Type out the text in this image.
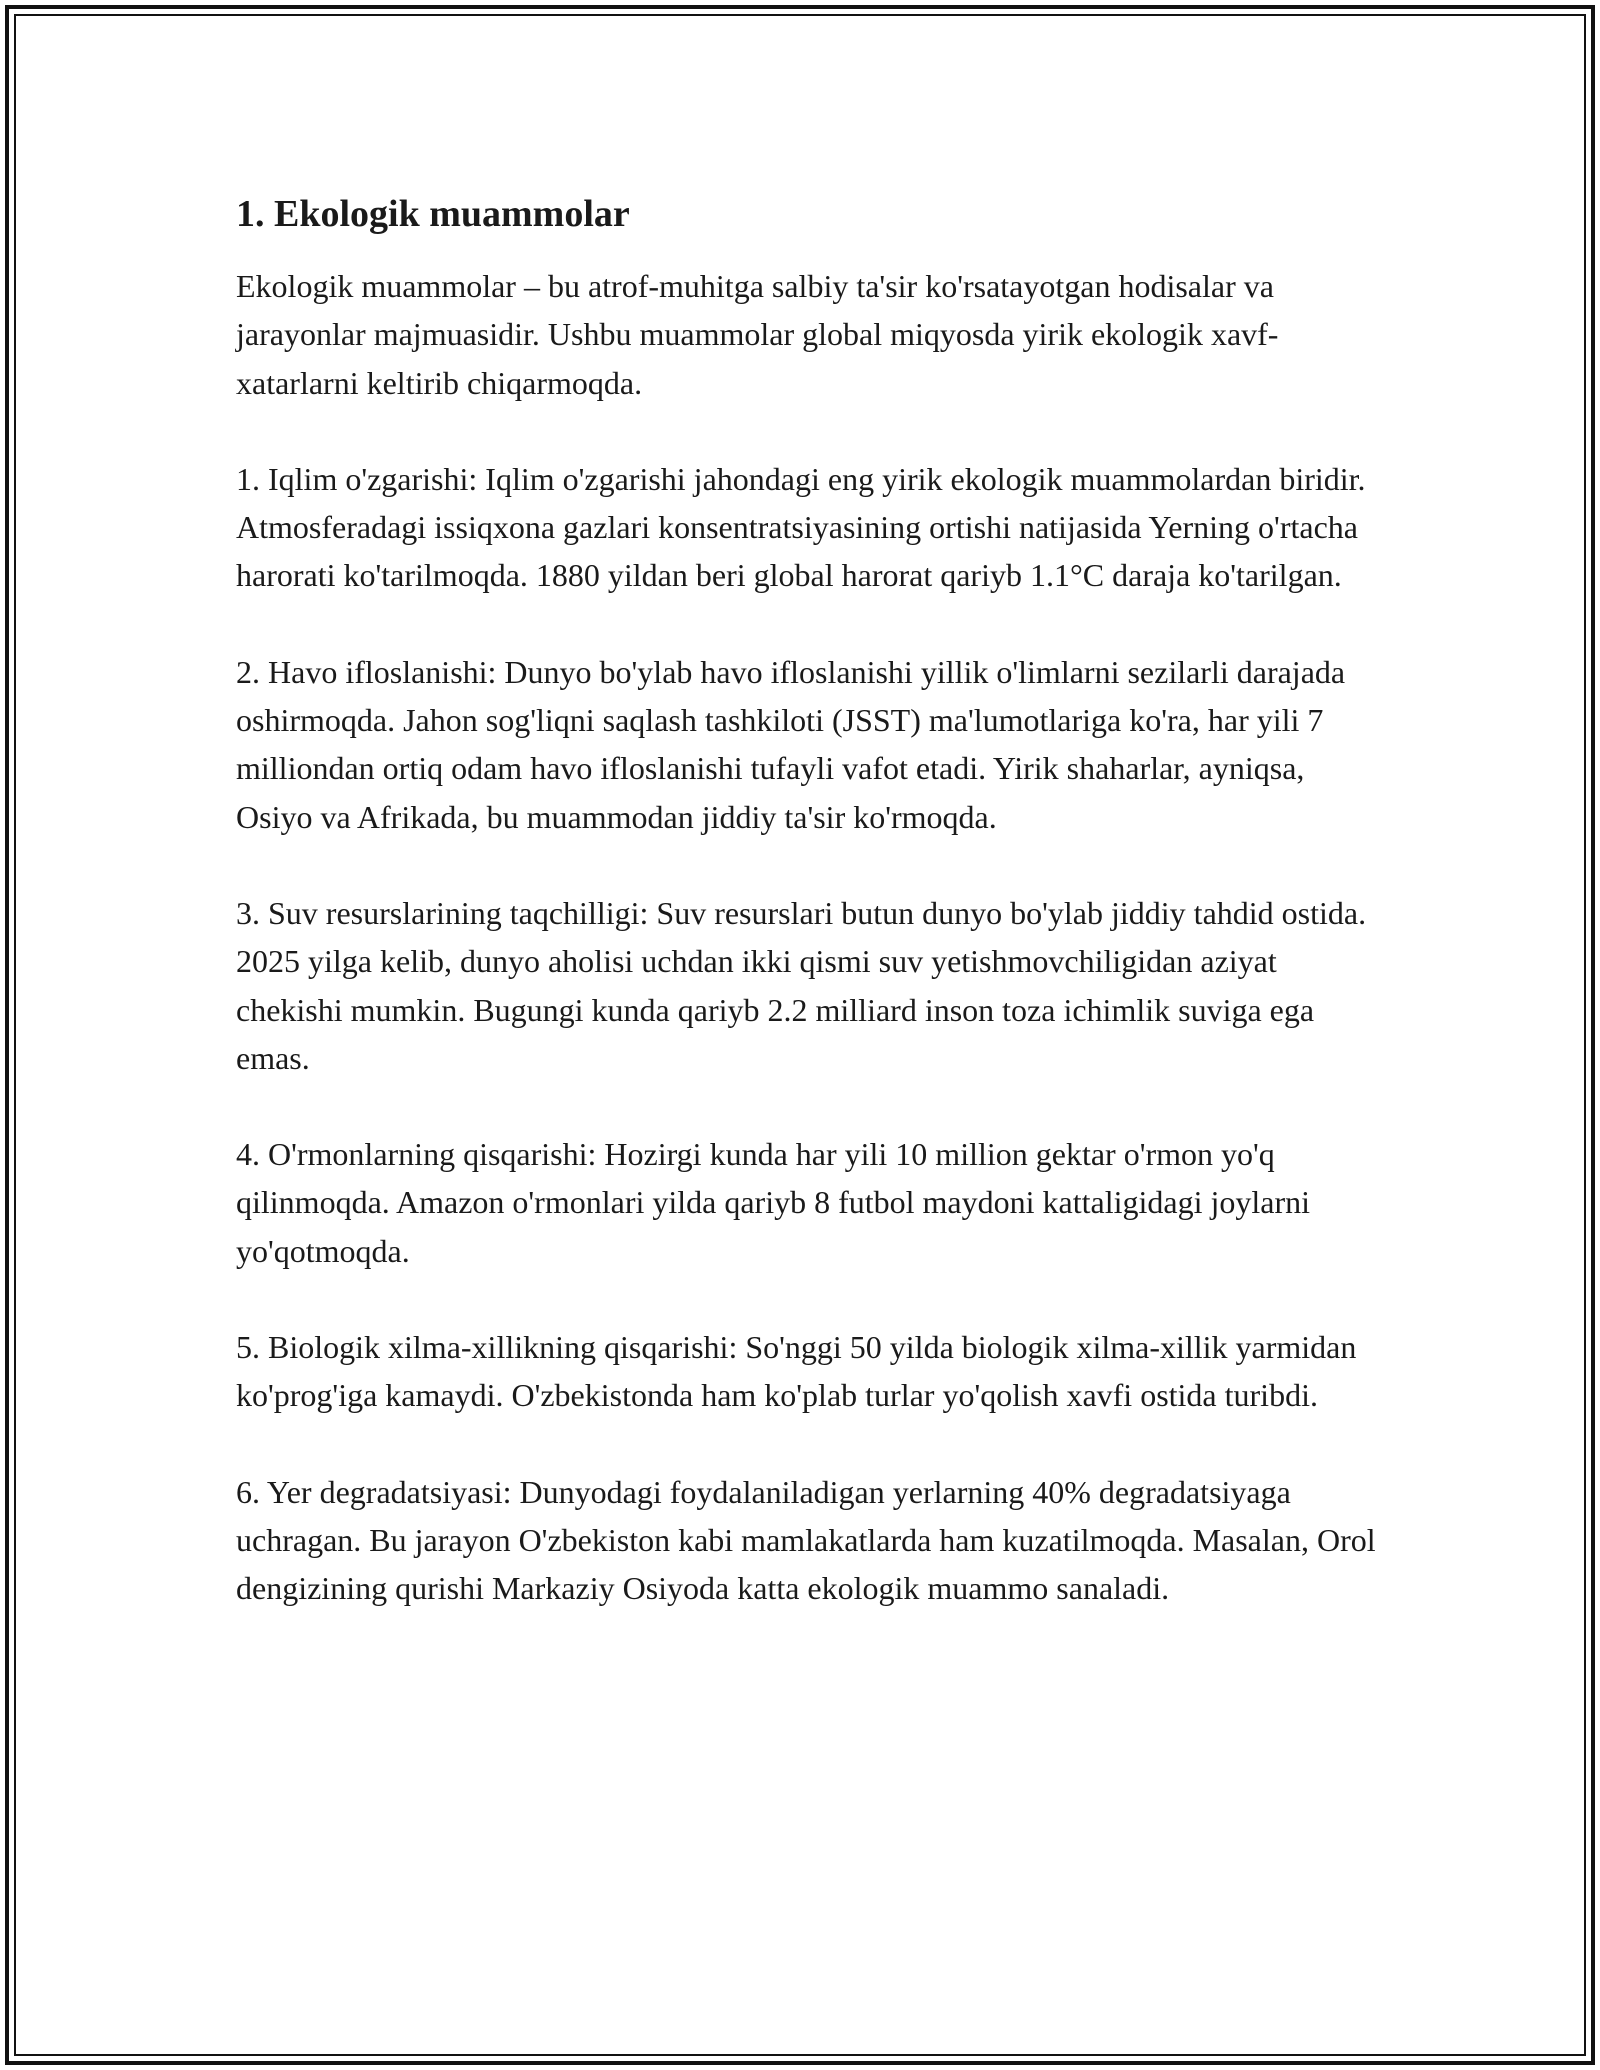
1. Ekologik muammolar

Ekologik muammolar – bu atrof-muhitga salbiy ta'sir ko'rsatayotgan hodisalar va jarayonlar majmuasidir. Ushbu muammolar global miqyosda yirik ekologik xavf-xatarlarni keltirib chiqarmoqda.

1. Iqlim o'zgarishi: Iqlim o'zgarishi jahondagi eng yirik ekologik muammolardan biridir. Atmosferadagi issiqxona gazlari konsentratsiyasining ortishi natijasida Yerning o'rtacha harorati ko'tarilmoqda. 1880 yildan beri global harorat qariyb 1.1°C daraja ko'tarilgan.

2. Havo ifloslanishi: Dunyo bo'ylab havo ifloslanishi yillik o'limlarni sezilarli darajada oshirmoqda. Jahon sog'liqni saqlash tashkiloti (JSST) ma'lumotlariga ko'ra, har yili 7 milliondan ortiq odam havo ifloslanishi tufayli vafot etadi. Yirik shaharlar, ayniqsa, Osiyo va Afrikada, bu muammodan jiddiy ta'sir ko'rmoqda.

3. Suv resurslarining taqchilligi: Suv resurslari butun dunyo bo'ylab jiddiy tahdid ostida. 2025 yilga kelib, dunyo aholisi uchdan ikki qismi suv yetishmovchiligidan aziyat chekishi mumkin. Bugungi kunda qariyb 2.2 milliard inson toza ichimlik suviga ega emas.

4. O'rmonlarning qisqarishi: Hozirgi kunda har yili 10 million gektar o'rmon yo'q qilinmoqda. Amazon o'rmonlari yilda qariyb 8 futbol maydoni kattaligidagi joylarni yo'qotmoqda.

5. Biologik xilma-xillikning qisqarishi: So'nggi 50 yilda biologik xilma-xillik yarmidan ko'prog'iga kamaydi. O'zbekistonda ham ko'plab turlar yo'qolish xavfi ostida turibdi.

6. Yer degradatsiyasi: Dunyodagi foydalaniladigan yerlarning 40% degradatsiyaga uchragan. Bu jarayon O'zbekiston kabi mamlakatlarda ham kuzatilmoqda. Masalan, Orol dengizining qurishi Markaziy Osiyoda katta ekologik muammo sanaladi.
